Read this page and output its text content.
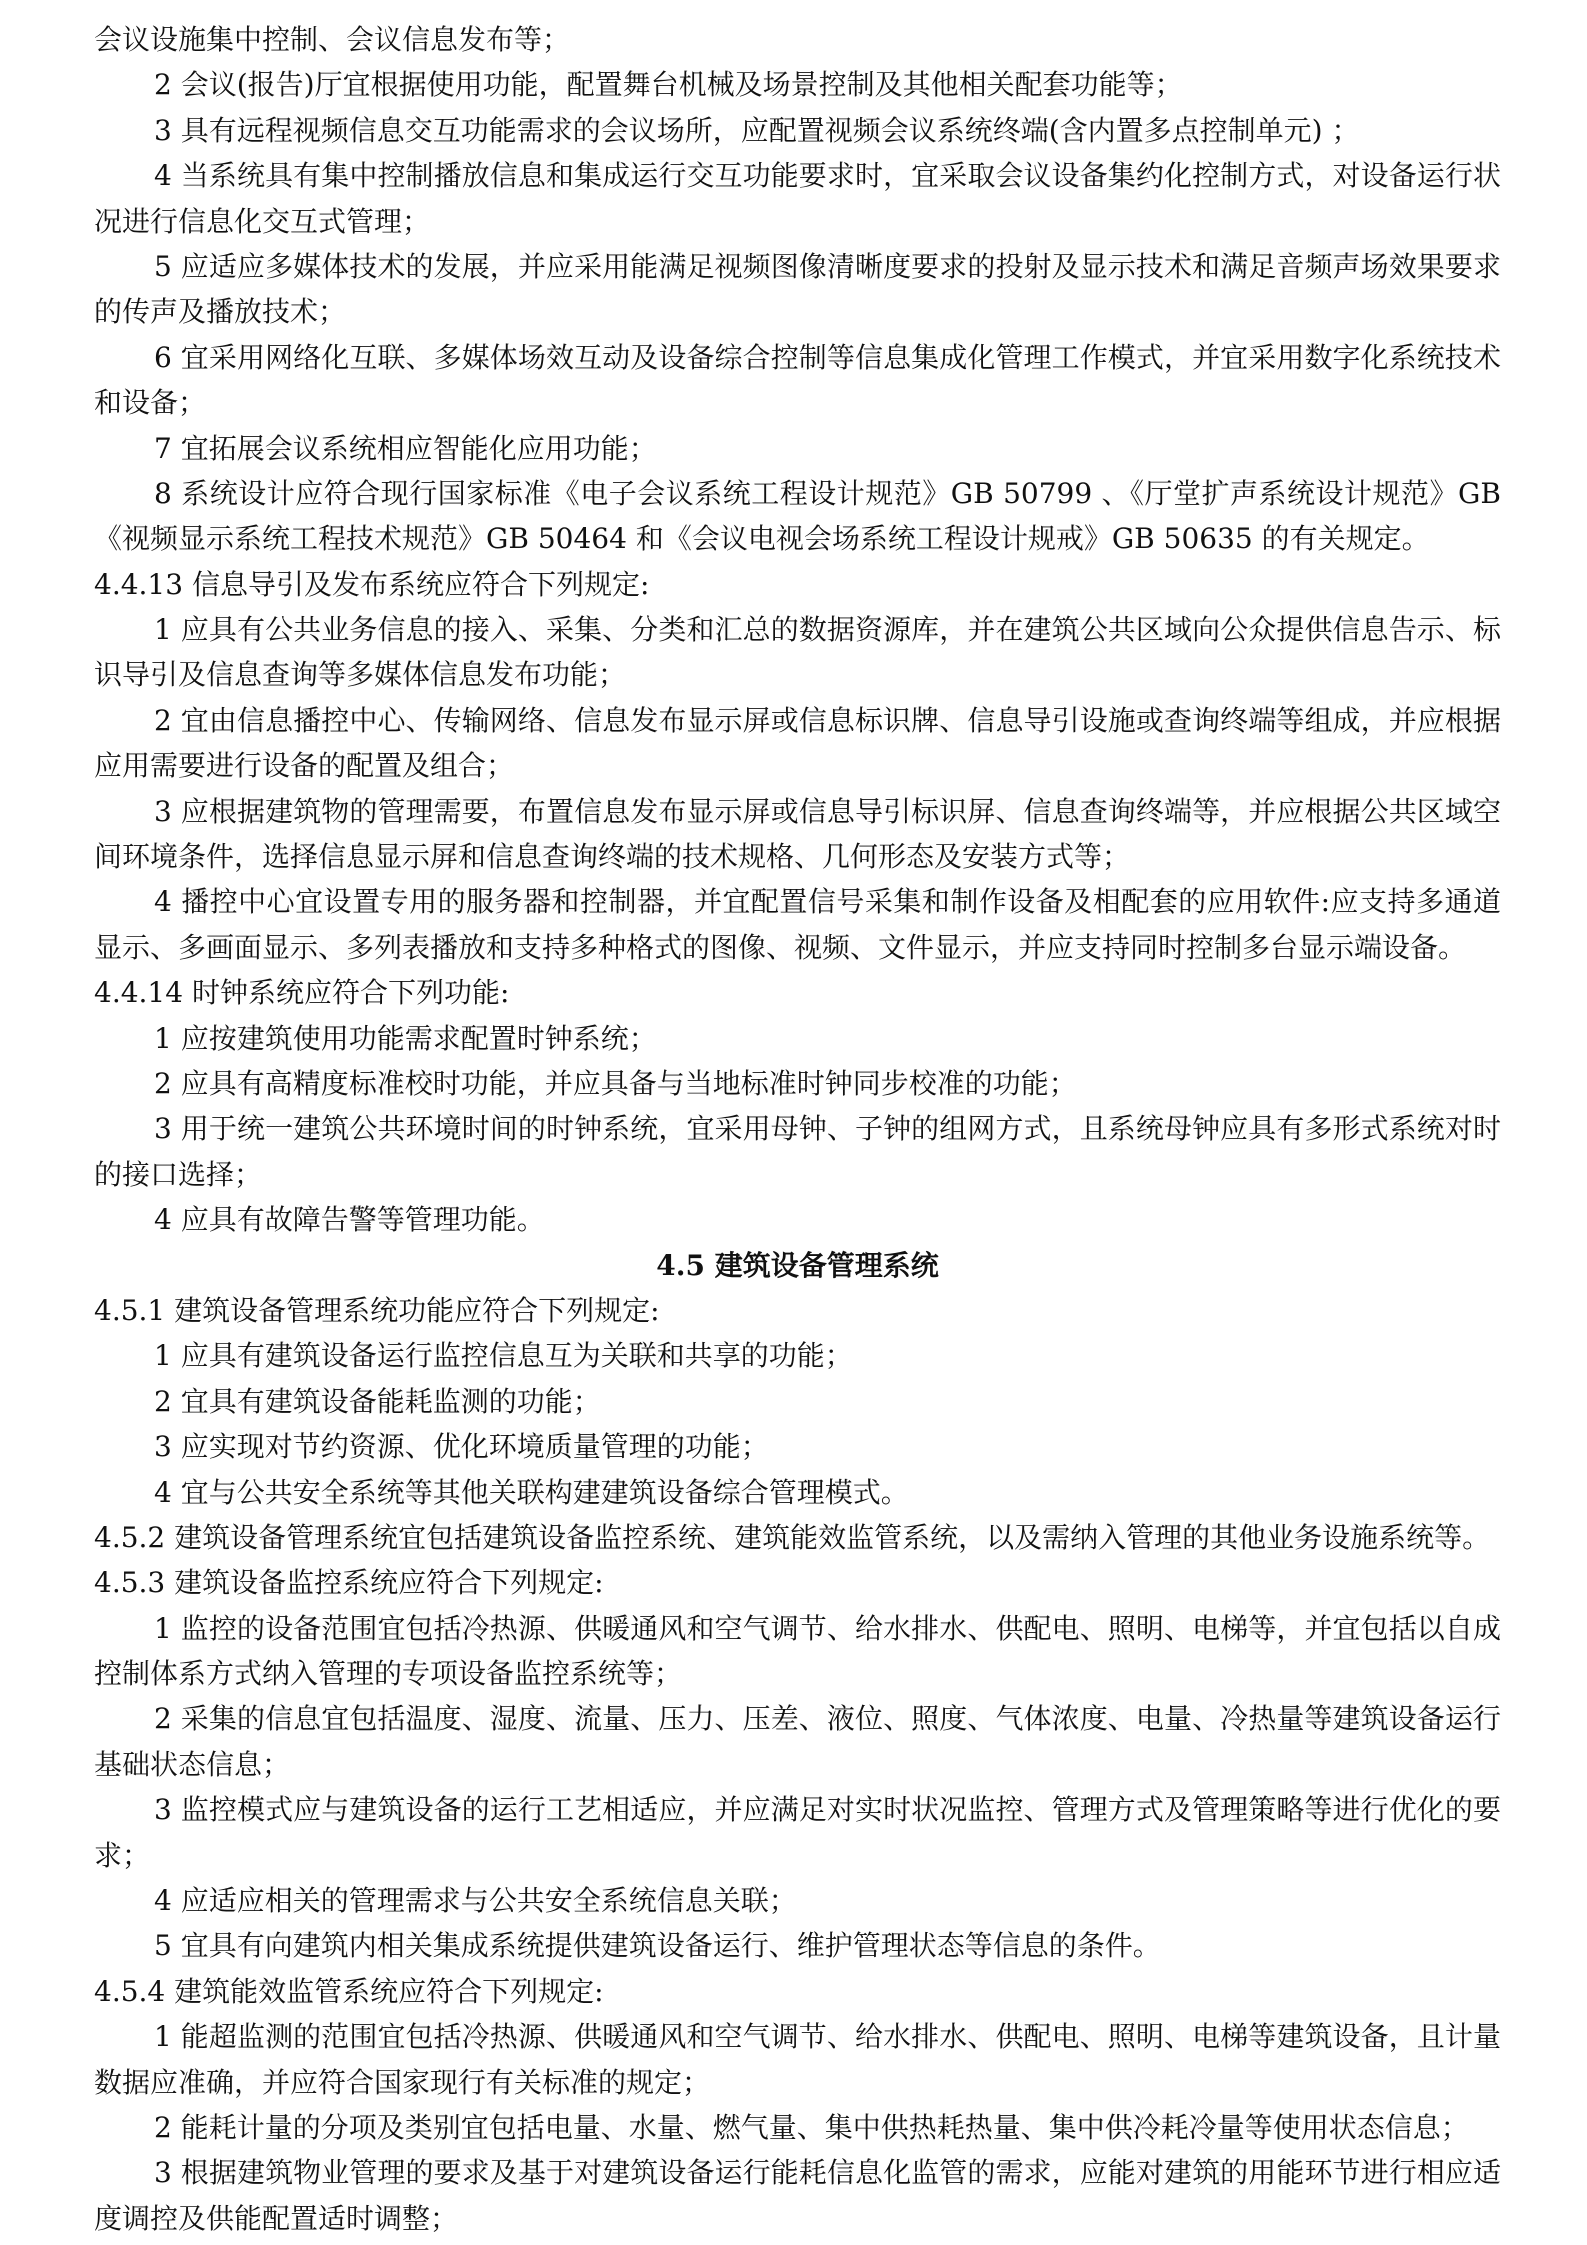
会议设施集中控制、会议信息发布等；
2 会议(报告)厅宜根据使用功能，配置舞台机械及场景控制及其他相关配套功能等；
3 具有远程视频信息交互功能需求的会议场所，应配置视频会议系统终端(含内置多点控制单元) ；
4 当系统具有集中控制播放信息和集成运行交互功能要求时，宜采取会议设备集约化控制方式，对设备运行状
况进行信息化交互式管理；
5 应适应多媒体技术的发展，并应采用能满足视频图像清晰度要求的投射及显示技术和满足音频声场效果要求
的传声及播放技术；
6 宜采用网络化互联、多媒体场效互动及设备综合控制等信息集成化管理工作模式，并宜采用数字化系统技术
和设备；
7 宜拓展会议系统相应智能化应用功能；
8 系统设计应符合现行国家标准《电子会议系统工程设计规范》GB 50799 、《厅堂扩声系统设计规范》GB
《视频显示系统工程技术规范》GB 50464 和《会议电视会场系统工程设计规戒》GB 50635 的有关规定。
4.4.13 信息导引及发布系统应符合下列规定:
1 应具有公共业务信息的接入、采集、分类和汇总的数据资源库，并在建筑公共区域向公众提供信息告示、标
识导引及信息查询等多媒体信息发布功能；
2 宜由信息播控中心、传输网络、信息发布显示屏或信息标识牌、信息导引设施或查询终端等组成，并应根据
应用需要进行设备的配置及组合；
3 应根据建筑物的管理需要，布置信息发布显示屏或信息导引标识屏、信息查询终端等，并应根据公共区域空
间环境条件，选择信息显示屏和信息查询终端的技术规格、几何形态及安装方式等；
4 播控中心宜设置专用的服务器和控制器，并宜配置信号采集和制作设备及相配套的应用软件:应支持多通道
显示、多画面显示、多列表播放和支持多种格式的图像、视频、文件显示，并应支持同时控制多台显示端设备。
4.4.14 时钟系统应符合下列功能:
1 应按建筑使用功能需求配置时钟系统；
2 应具有高精度标准校时功能，并应具备与当地标准时钟同步校准的功能；
3 用于统一建筑公共环境时间的时钟系统，宜采用母钟、子钟的组网方式，且系统母钟应具有多形式系统对时
的接口选择；
4 应具有故障告警等管理功能。
4.5 建筑设备管理系统
4.5.1 建筑设备管理系统功能应符合下列规定:
1 应具有建筑设备运行监控信息互为关联和共享的功能；
2 宜具有建筑设备能耗监测的功能；
3 应实现对节约资源、优化环境质量管理的功能；
4 宜与公共安全系统等其他关联构建建筑设备综合管理模式。
4.5.2 建筑设备管理系统宜包括建筑设备监控系统、建筑能效监管系统，以及需纳入管理的其他业务设施系统等。
4.5.3 建筑设备监控系统应符合下列规定:
1 监控的设备范围宜包括冷热源、供暖通风和空气调节、给水排水、供配电、照明、电梯等，并宜包括以自成
控制体系方式纳入管理的专项设备监控系统等；
2 采集的信息宜包括温度、湿度、流量、压力、压差、液位、照度、气体浓度、电量、冷热量等建筑设备运行
基础状态信息；
3 监控模式应与建筑设备的运行工艺相适应，并应满足对实时状况监控、管理方式及管理策略等进行优化的要
求；
4 应适应相关的管理需求与公共安全系统信息关联；
5 宜具有向建筑内相关集成系统提供建筑设备运行、维护管理状态等信息的条件。
4.5.4 建筑能效监管系统应符合下列规定:
1 能超监测的范围宜包括冷热源、供暖通风和空气调节、给水排水、供配电、照明、电梯等建筑设备，且计量
数据应准确，并应符合国家现行有关标准的规定；
2 能耗计量的分项及类别宜包括电量、水量、燃气量、集中供热耗热量、集中供冷耗冷量等使用状态信息；
3 根据建筑物业管理的要求及基于对建筑设备运行能耗信息化监管的需求，应能对建筑的用能环节进行相应适
度调控及供能配置适时调整；
